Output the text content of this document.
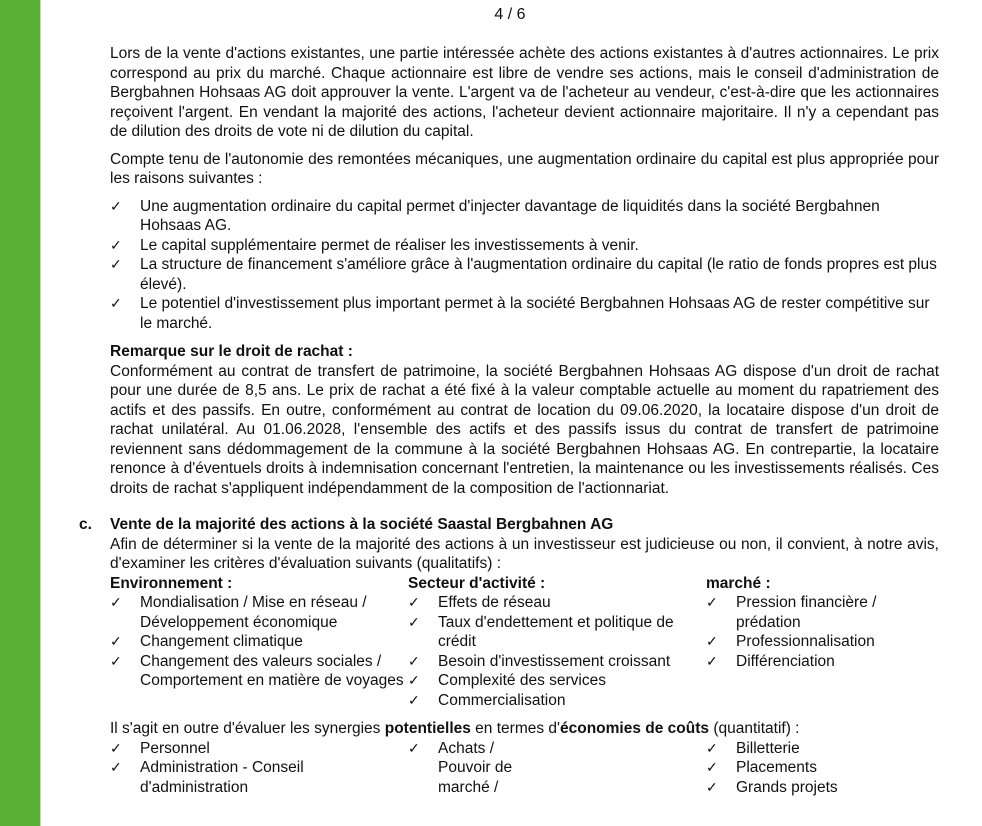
4 / 6

Lors de la vente d'actions existantes, une partie intéressée achète des actions existantes à d'autres actionnaires. Le prix correspond au prix du marché. Chaque actionnaire est libre de vendre ses actions, mais le conseil d'administration de Bergbahnen Hohsaas AG doit approuver la vente. L'argent va de l'acheteur au vendeur, c'est-à-dire que les actionnaires reçoivent l'argent. En vendant la majorité des actions, l'acheteur devient actionnaire majoritaire. Il n'y a cependant pas de dilution des droits de vote ni de dilution du capital.

Compte tenu de l'autonomie des remontées mécaniques, une augmentation ordinaire du capital est plus appropriée pour les raisons suivantes :

✓ Une augmentation ordinaire du capital permet d'injecter davantage de liquidités dans la société Bergbahnen Hohsaas AG.
✓ Le capital supplémentaire permet de réaliser les investissements à venir.
✓ La structure de financement s'améliore grâce à l'augmentation ordinaire du capital (le ratio de fonds propres est plus élevé).
✓ Le potentiel d'investissement plus important permet à la société Bergbahnen Hohsaas AG de rester compétitive sur le marché.
Remarque sur le droit de rachat :

Conformément au contrat de transfert de patrimoine, la société Bergbahnen Hohsaas AG dispose d'un droit de rachat pour une durée de 8,5 ans. Le prix de rachat a été fixé à la valeur comptable actuelle au moment du rapatriement des actifs et des passifs. En outre, conformément au contrat de location du 09.06.2020, la locataire dispose d'un droit de rachat unilatéral. Au 01.06.2028, l'ensemble des actifs et des passifs issus du contrat de transfert de patrimoine reviennent sans dédommagement de la commune à la société Bergbahnen Hohsaas AG. En contrepartie, la locataire renonce à d'éventuels droits à indemnisation concernant l'entretien, la maintenance ou les investissements réalisés. Ces droits de rachat s'appliquent indépendamment de la composition de l'actionnariat.

c. Vente de la majorité des actions à la société Saastal Bergbahnen AG

Afin de déterminer si la vente de la majorité des actions à un investisseur est judicieuse ou non, il convient, à notre avis, d'examiner les critères d'évaluation suivants (qualitatifs) :

Environnement :
✓ Mondialisation / Mise en réseau / Développement économique
✓ Changement climatique
✓ Changement des valeurs sociales / Comportement en matière de voyages
Secteur d'activité :
✓ Effets de réseau
✓ Taux d'endettement et politique de crédit
✓ Besoin d'investissement croissant
✓ Complexité des services
✓ Commercialisation
marché :
✓ Pression financière / prédation
✓ Professionnalisation
✓ Différenciation

Il s'agit en outre d'évaluer les synergies potentielles en termes d'économies de coûts (quantitatif) :

✓ Personnel
✓ Administration - Conseil d'administration
✓ Achats / Pouvoir de marché /
✓ Billetterie
✓ Placements
✓ Grands projets
